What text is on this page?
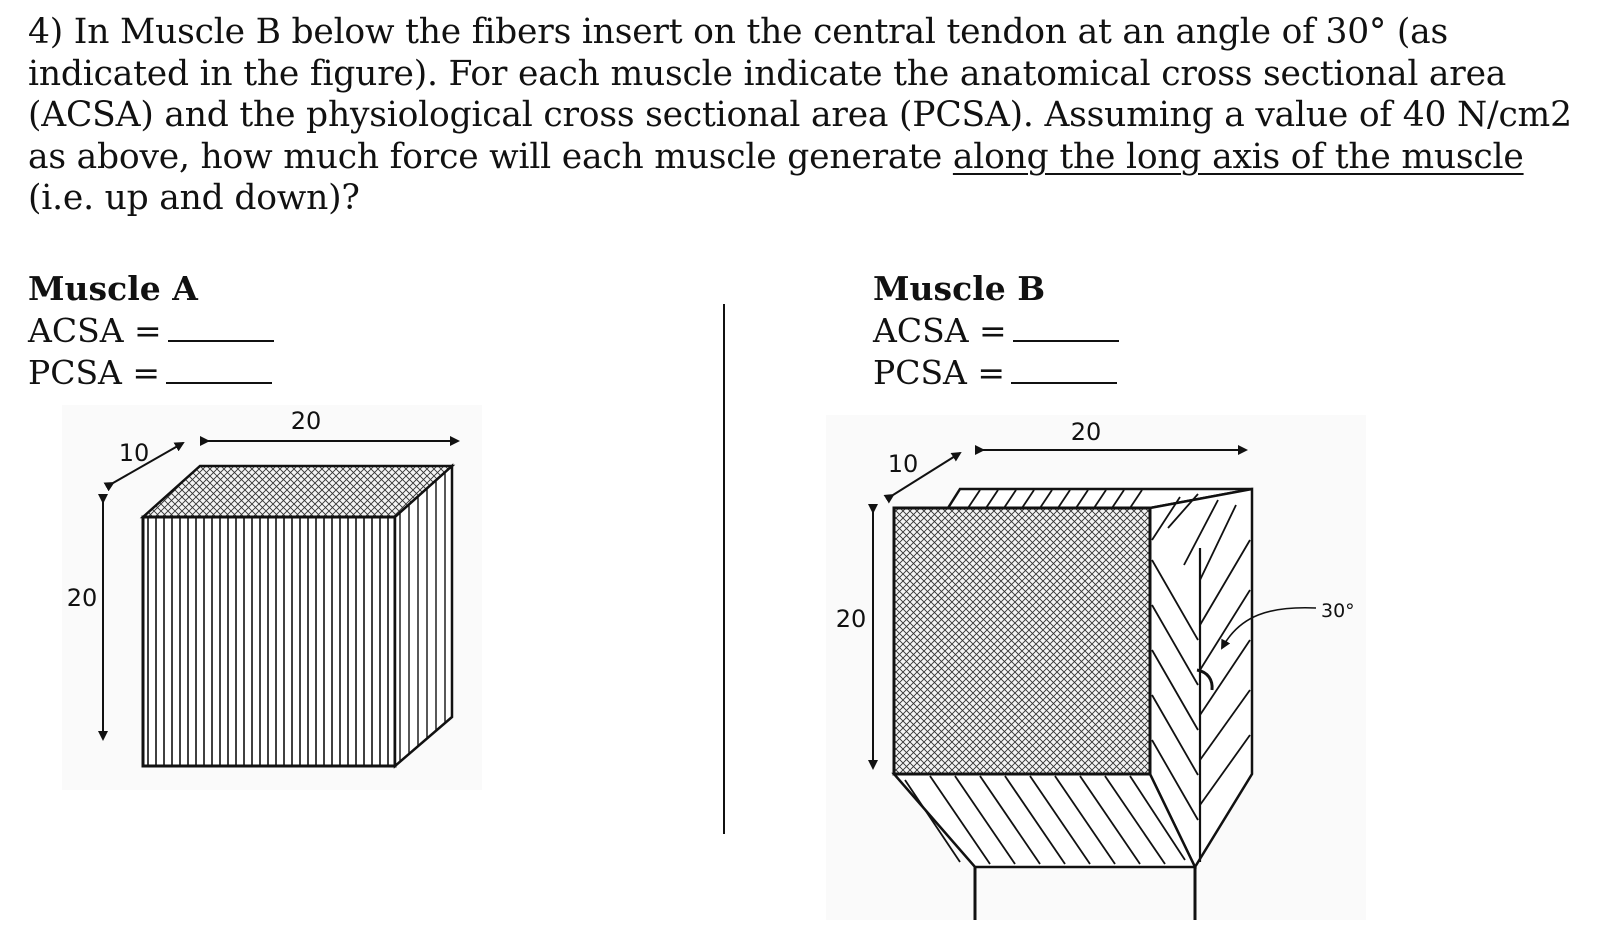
4) In Muscle B below the fibers insert on the central tendon at an angle of 30° (as indicated in the figure). For each muscle indicate the anatomical cross sectional area (ACSA) and the physiological cross sectional area (PCSA). Assuming a value of 40 N/cm2 as above, how much force will each muscle generate along the long axis of the muscle (i.e. up and down)?
Muscle A
ACSA =
PCSA =
Muscle B
ACSA =
PCSA =
20
10
20
20
10
20	30°
